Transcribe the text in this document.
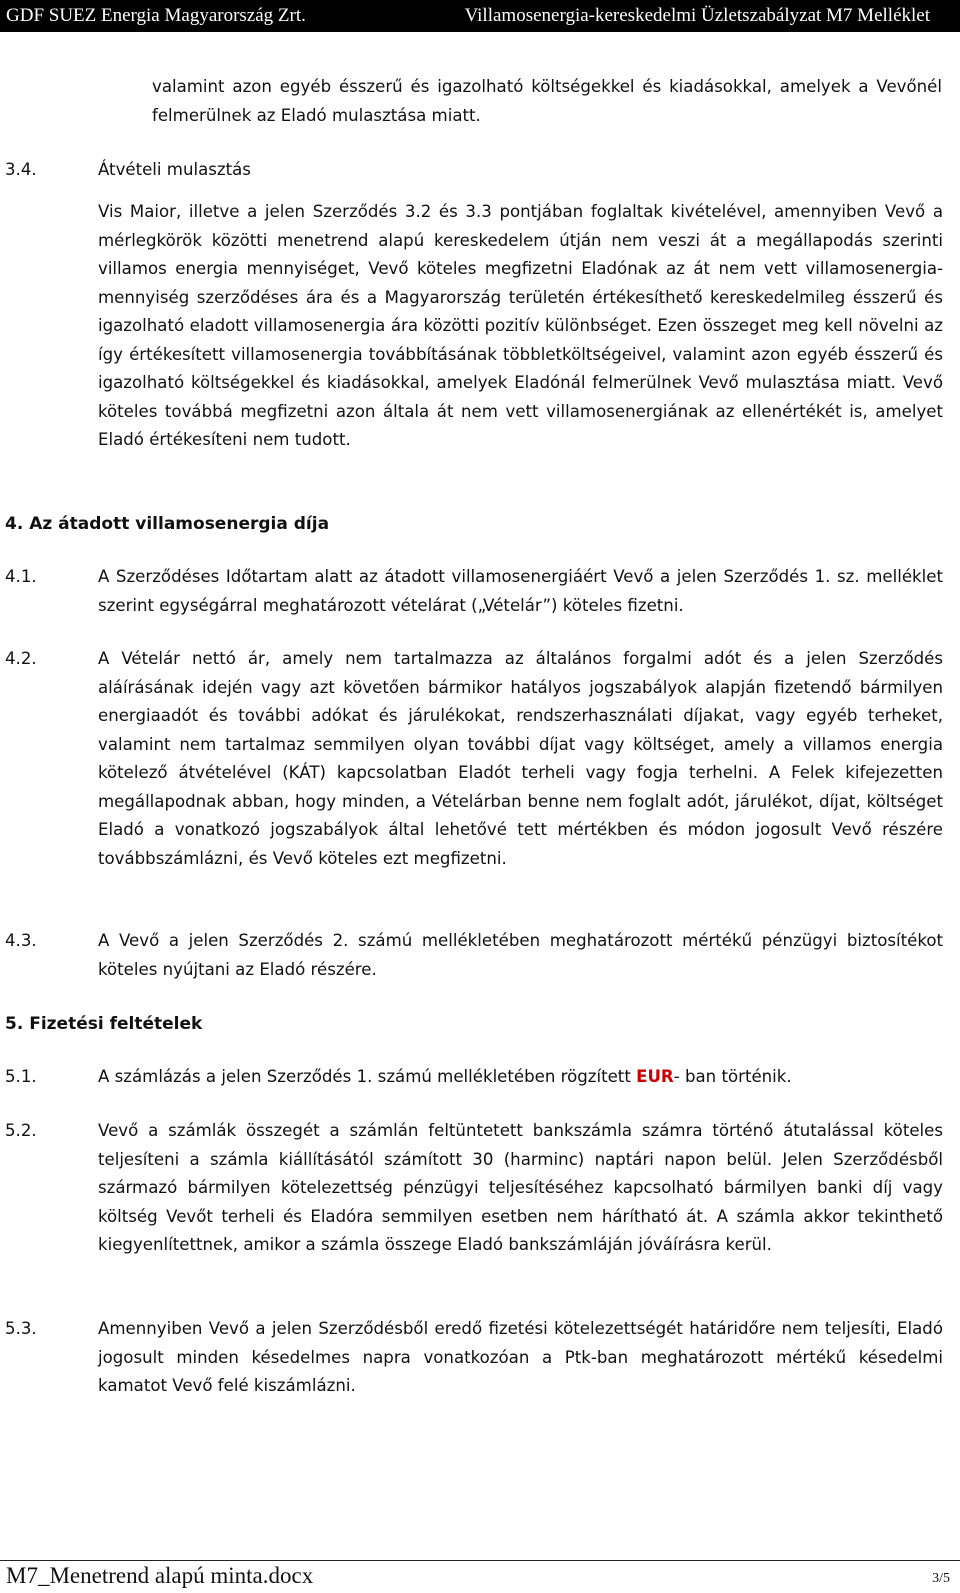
GDF SUEZ Energia Magyarország Zrt.	Villamosenergia-kereskedelmi Üzletszabályzat M7 Melléklet
valamint azon egyéb ésszerű és igazolható költségekkel és kiadásokkal, amelyek a Vevőnél felmerülnek az Eladó mulasztása miatt.
3.4.	Átvételi mulasztás
Vis Maior, illetve a jelen Szerződés 3.2 és 3.3 pontjában foglaltak kivételével, amennyiben Vevő a mérlegkörök közötti menetrend alapú kereskedelem útján nem veszi át a megállapodás szerinti villamos energia mennyiséget, Vevő köteles megfizetni Eladónak az át nem vett villamosenergia-mennyiség szerződéses ára és a Magyarország területén értékesíthető kereskedelmileg ésszerű és igazolható eladott villamosenergia ára közötti pozitív különbséget. Ezen összeget meg kell növelni az így értékesített villamosenergia továbbításának többletköltségeivel, valamint azon egyéb ésszerű és igazolható költségekkel és kiadásokkal, amelyek Eladónál felmerülnek Vevő mulasztása miatt. Vevő köteles továbbá megfizetni azon általa át nem vett villamosenergiának az ellenértékét is, amelyet Eladó értékesíteni nem tudott.
4. Az átadott villamosenergia díja
4.1.	A Szerződéses Időtartam alatt az átadott villamosenergiáért Vevő a jelen Szerződés 1. sz. melléklet szerint egységárral meghatározott vételárat („Vételár”) köteles fizetni.
4.2.	A Vételár nettó ár, amely nem tartalmazza az általános forgalmi adót és a jelen Szerződés aláírásának idején vagy azt követően bármikor hatályos jogszabályok alapján fizetendő bármilyen energiaadót és további adókat és járulékokat, rendszerhasználati díjakat, vagy egyéb terheket, valamint nem tartalmaz semmilyen olyan további díjat vagy költséget, amely a villamos energia kötelező átvételével (KÁT) kapcsolatban Eladót terheli vagy fogja terhelni. A Felek kifejezetten megállapodnak abban, hogy minden, a Vételárban benne nem foglalt adót, járulékot, díjat, költséget Eladó a vonatkozó jogszabályok által lehetővé tett mértékben és módon jogosult Vevő részére továbbszámlázni, és Vevő köteles ezt megfizetni.
4.3.	A Vevő a jelen Szerződés 2. számú mellékletében meghatározott mértékű pénzügyi biztosítékot köteles nyújtani az Eladó részére.
5. Fizetési feltételek
5.1.	A számlázás a jelen Szerződés 1. számú mellékletében rögzített EUR- ban történik.
5.2.	Vevő a számlák összegét a számlán feltüntetett bankszámla számra történő átutalással köteles teljesíteni a számla kiállításától számított 30 (harminc) naptári napon belül. Jelen Szerződésből származó bármilyen kötelezettség pénzügyi teljesítéséhez kapcsolható bármilyen banki díj vagy költség Vevőt terheli és Eladóra semmilyen esetben nem hárítható át. A számla akkor tekinthető kiegyenlítettnek, amikor a számla összege Eladó bankszámláján jóváírásra kerül.
5.3.	Amennyiben Vevő a jelen Szerződésből eredő fizetési kötelezettségét határidőre nem teljesíti, Eladó jogosult minden késedelmes napra vonatkozóan a Ptk-ban meghatározott mértékű késedelmi kamatot Vevő felé kiszámlázni.
M7_Menetrend alapú minta.docx	3/5
